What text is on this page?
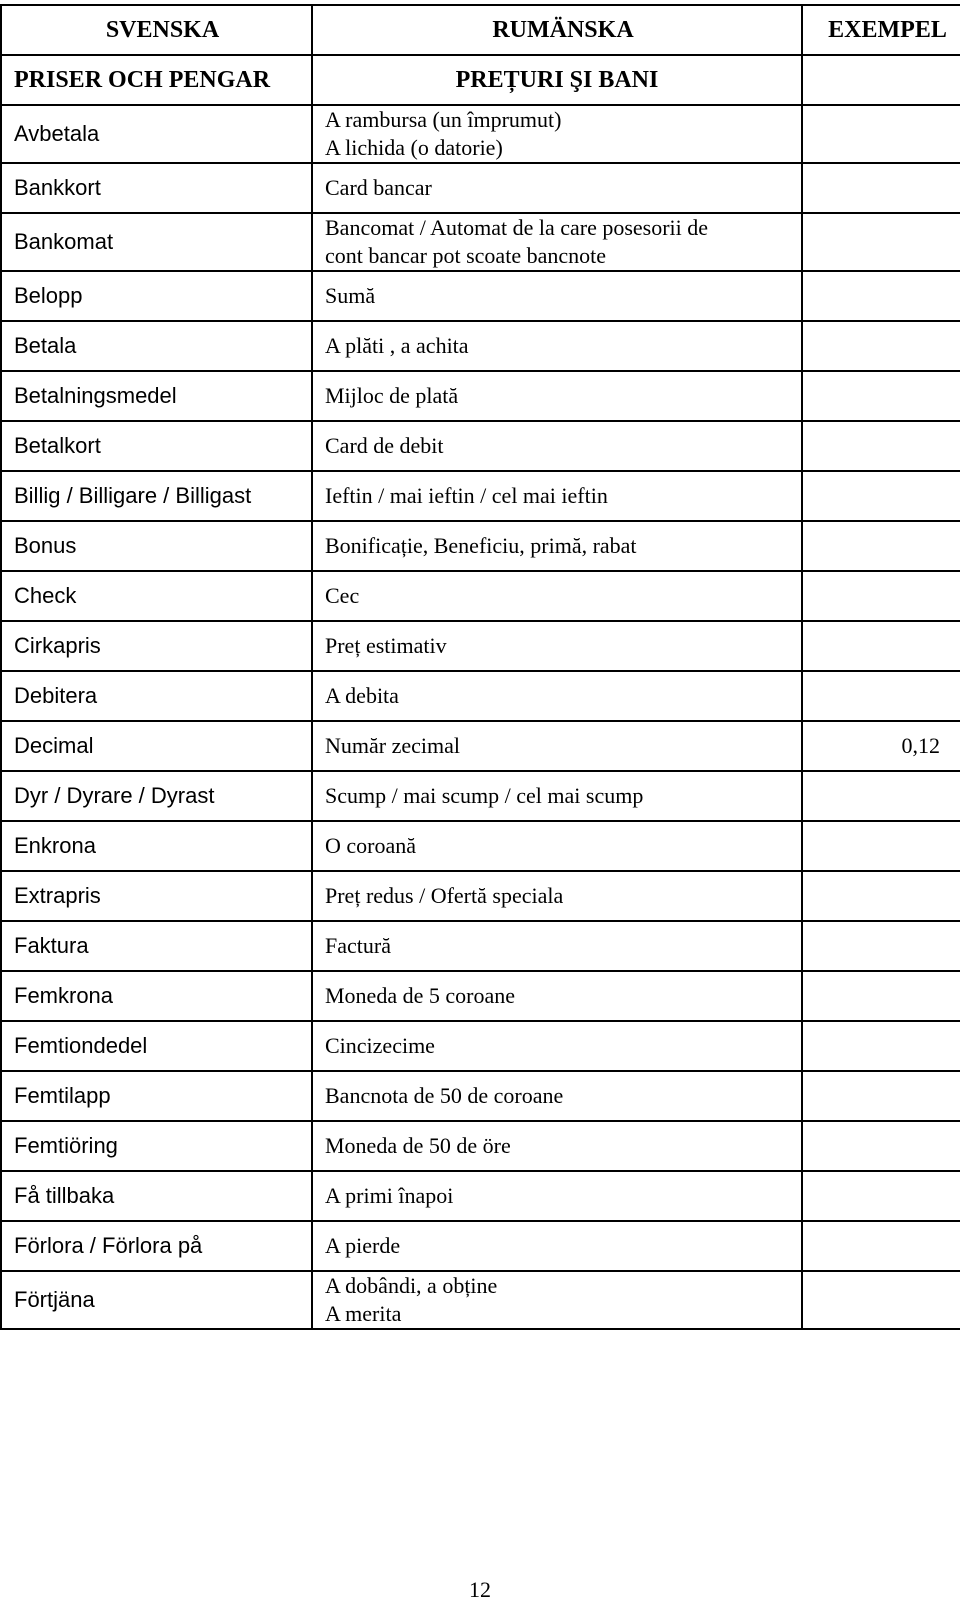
SVENSKA	RUMÄNSKA	EXEMPEL
PRISER OCH PENGAR	PREȚURI ŞI BANI	
Avbetala	A rambursa (un împrumut)
A lichida (o datorie)	

Bankkort	Card bancar	

Bankomat	Bancomat / Automat de la care posesorii de
cont bancar pot scoate bancnote	

Belopp	Sumă	

Betala	A plăti , a achita	

Betalningsmedel	Mijloc de plată	

Betalkort	Card de debit	

Billig / Billigare / Billigast	Ieftin / mai ieftin / cel mai ieftin	

Bonus	Bonificație, Beneficiu, primă, rabat	

Check	Cec	

Cirkapris	Preț estimativ	

Debitera	A debita	

Decimal	Număr zecimal	0,12
Dyr / Dyrare / Dyrast	Scump / mai scump / cel mai scump	

Enkrona	O coroană	

Extrapris	Preț redus / Ofertă speciala	

Faktura	Factură	

Femkrona	Moneda de 5 coroane	

Femtiondedel	Cincizecime	

Femtilapp	Bancnota de 50 de coroane	

Femtiöring	Moneda de 50 de öre	

Få tillbaka	A primi înapoi	

Förlora / Förlora på	A pierde	

Förtjäna	A dobândi, a obține
A merita	

12
